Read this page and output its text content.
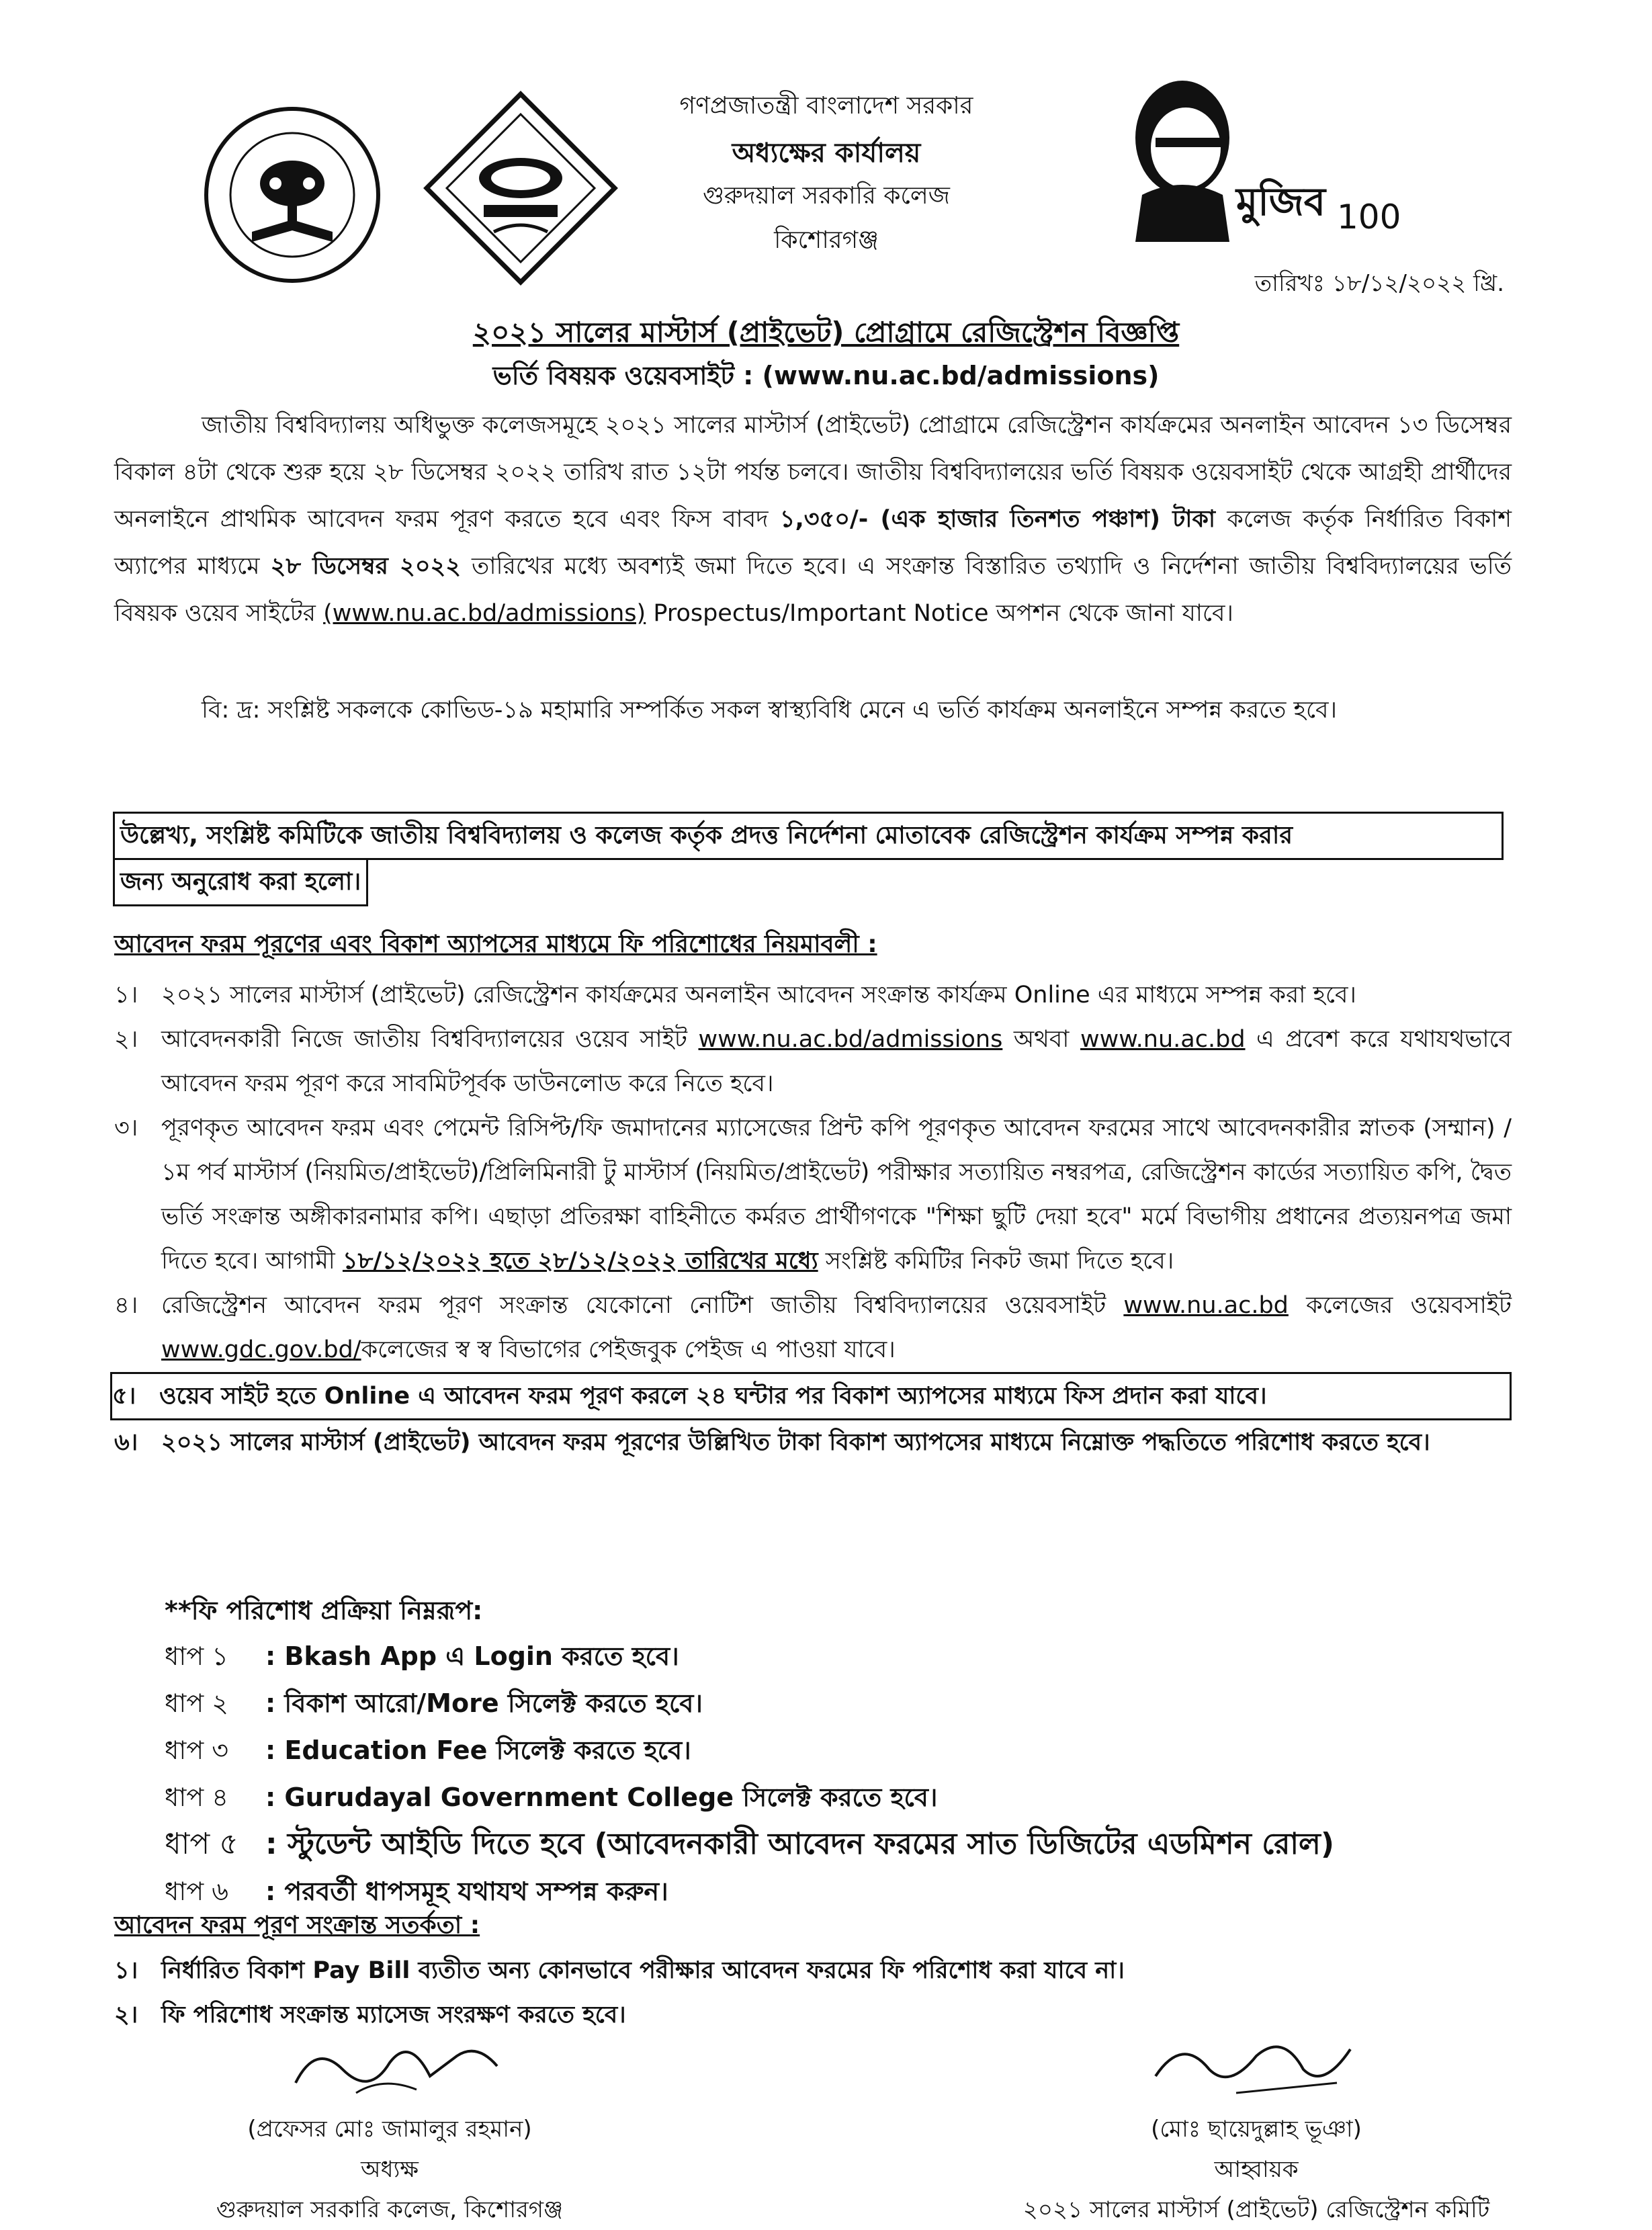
মুজিব 100
গণপ্রজাতন্ত্রী বাংলাদেশ সরকার
অধ্যক্ষের কার্যালয়
গুরুদয়াল সরকারি কলেজ
কিশোরগঞ্জ
তারিখঃ ১৮/১২/২০২২ খ্রি.
২০২১ সালের মাস্টার্স (প্রাইভেট) প্রোগ্রামে রেজিস্ট্রেশন বিজ্ঞপ্তি
ভর্তি বিষয়ক ওয়েবসাইট : (www.nu.ac.bd/admissions)
জাতীয় বিশ্ববিদ্যালয় অধিভুক্ত কলেজসমূহে ২০২১ সালের মাস্টার্স (প্রাইভেট) প্রোগ্রামে রেজিস্ট্রেশন কার্যক্রমের অনলাইন আবেদন ১৩ ডিসেম্বর বিকাল ৪টা থেকে শুরু হয়ে ২৮ ডিসেম্বর ২০২২ তারিখ রাত ১২টা পর্যন্ত চলবে। জাতীয় বিশ্ববিদ্যালয়ের ভর্তি বিষয়ক ওয়েবসাইট থেকে আগ্রহী প্রার্থীদের অনলাইনে প্রাথমিক আবেদন ফরম পূরণ করতে হবে এবং ফিস বাবদ ১,৩৫০/- (এক হাজার তিনশত পঞ্চাশ) টাকা কলেজ কর্তৃক নির্ধারিত বিকাশ অ্যাপের মাধ্যমে ২৮ ডিসেম্বর ২০২২ তারিখের মধ্যে অবশ্যই জমা দিতে হবে। এ সংক্রান্ত বিস্তারিত তথ্যাদি ও নির্দেশনা জাতীয় বিশ্ববিদ্যালয়ের ভর্তি বিষয়ক ওয়েব সাইটের (www.nu.ac.bd/admissions) Prospectus/Important Notice অপশন থেকে জানা যাবে।
বি: দ্র: সংশ্লিষ্ট সকলকে কোভিড-১৯ মহামারি সম্পর্কিত সকল স্বাস্থ্যবিধি মেনে এ ভর্তি কার্যক্রম অনলাইনে সম্পন্ন করতে হবে।
উল্লেখ্য, সংশ্লিষ্ট কমিটিকে জাতীয় বিশ্ববিদ্যালয় ও কলেজ কর্তৃক প্রদত্ত নির্দেশনা মোতাবেক রেজিস্ট্রেশন কার্যক্রম সম্পন্ন করার
জন্য অনুরোধ করা হলো।
আবেদন ফরম পূরণের এবং বিকাশ অ্যাপসের মাধ্যমে ফি পরিশোধের নিয়মাবলী :
১। ২০২১ সালের মাস্টার্স (প্রাইভেট) রেজিস্ট্রেশন কার্যক্রমের অনলাইন আবেদন সংক্রান্ত কার্যক্রম Online এর মাধ্যমে সম্পন্ন করা হবে।
২। আবেদনকারী নিজে জাতীয় বিশ্ববিদ্যালয়ের ওয়েব সাইট www.nu.ac.bd/admissions অথবা www.nu.ac.bd এ প্রবেশ করে যথাযথভাবে আবেদন ফরম পূরণ করে সাবমিটপূর্বক ডাউনলোড করে নিতে হবে।
৩। পূরণকৃত আবেদন ফরম এবং পেমেন্ট রিসিপ্ট/ফি জমাদানের ম্যাসেজের প্রিন্ট কপি পূরণকৃত আবেদন ফরমের সাথে আবেদনকারীর স্নাতক (সম্মান) / ১ম পর্ব মাস্টার্স (নিয়মিত/প্রাইভেট)/প্রিলিমিনারী টু মাস্টার্স (নিয়মিত/প্রাইভেট) পরীক্ষার সত্যায়িত নম্বরপত্র, রেজিস্ট্রেশন কার্ডের সত্যায়িত কপি, দ্বৈত ভর্তি সংক্রান্ত অঙ্গীকারনামার কপি। এছাড়া প্রতিরক্ষা বাহিনীতে কর্মরত প্রার্থীগণকে "শিক্ষা ছুটি দেয়া হবে" মর্মে বিভাগীয় প্রধানের প্রত্যয়নপত্র জমা দিতে হবে। আগামী ১৮/১২/২০২২ হতে ২৮/১২/২০২২ তারিখের মধ্যে সংশ্লিষ্ট কমিটির নিকট জমা দিতে হবে।
৪। রেজিস্ট্রেশন আবেদন ফরম পূরণ সংক্রান্ত যেকোনো নোটিশ জাতীয় বিশ্ববিদ্যালয়ের ওয়েবসাইট www.nu.ac.bd কলেজের ওয়েবসাইট www.gdc.gov.bd/কলেজের স্ব স্ব বিভাগের পেইজবুক পেইজ এ পাওয়া যাবে।
৫। ওয়েব সাইট হতে Online এ আবেদন ফরম পূরণ করলে ২৪ ঘন্টার পর বিকাশ অ্যাপসের মাধ্যমে ফিস প্রদান করা যাবে।
৬। ২০২১ সালের মাস্টার্স (প্রাইভেট) আবেদন ফরম পূরণের উল্লিখিত টাকা বিকাশ অ্যাপসের মাধ্যমে নিম্নোক্ত পদ্ধতিতে পরিশোধ করতে হবে।
**ফি পরিশোধ প্রক্রিয়া নিম্নরূপ:
ধাপ ১ : Bkash App এ Login করতে হবে।
ধাপ ২ : বিকাশ আরো/More সিলেক্ট করতে হবে।
ধাপ ৩ : Education Fee সিলেক্ট করতে হবে।
ধাপ ৪ : Gurudayal Government College সিলেক্ট করতে হবে।
ধাপ ৫ : স্টুডেন্ট আইডি দিতে হবে (আবেদনকারী আবেদন ফরমের সাত ডিজিটের এডমিশন রোল)
ধাপ ৬ : পরবর্তী ধাপসমূহ যথাযথ সম্পন্ন করুন।
আবেদন ফরম পূরণ সংক্রান্ত সতর্কতা :
১। নির্ধারিত বিকাশ Pay Bill ব্যতীত অন্য কোনভাবে পরীক্ষার আবেদন ফরমের ফি পরিশোধ করা যাবে না।
২। ফি পরিশোধ সংক্রান্ত ম্যাসেজ সংরক্ষণ করতে হবে।
(প্রফেসর মোঃ জামালুর রহমান)
অধ্যক্ষ
গুরুদয়াল সরকারি কলেজ, কিশোরগঞ্জ
(মোঃ ছায়েদুল্লাহ ভূঞা)
আহ্বায়ক
২০২১ সালের মাস্টার্স (প্রাইভেট) রেজিস্ট্রেশন কমিটি
